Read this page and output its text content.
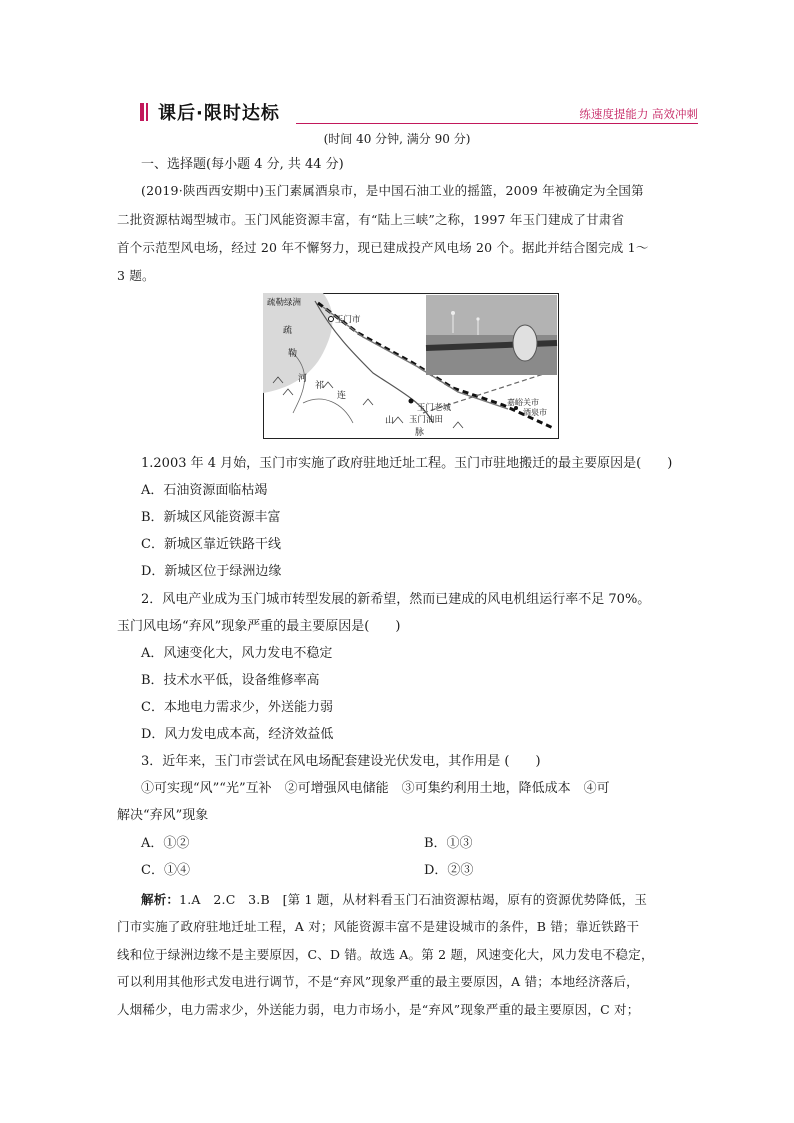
课后·限时达标	练速度提能力 高效冲刺
(时间 40 分钟, 满分 90 分)
一、选择题(每小题 4 分, 共 44 分)
(2019·陕西西安期中)玉门素属酒泉市，是中国石油工业的摇篮，2009 年被确定为全国第
二批资源枯竭型城市。玉门风能资源丰富，有“陆上三峡”之称，1997 年玉门建成了甘肃省
首个示范型风电场，经过 20 年不懈努力，现已建成投产风电场 20 个。据此并结合图完成 1～
3 题。
疏勒绿洲
玉门市
疏
勒
河
祁
连
山
脉
玉门老城
玉门油田
嘉峪关市
酒泉市
1.2003 年 4 月始，玉门市实施了政府驻地迁址工程。玉门市驻地搬迁的最主要原因是(　　)
A．石油资源面临枯竭
B．新城区风能资源丰富
C．新城区靠近铁路干线
D．新城区位于绿洲边缘
2．风电产业成为玉门城市转型发展的新希望，然而已建成的风电机组运行率不足 70%。
玉门风电场“弃风”现象严重的最主要原因是(　　)
A．风速变化大，风力发电不稳定
B．技术水平低，设备维修率高
C．本地电力需求少，外送能力弱
D．风力发电成本高，经济效益低
3．近年来，玉门市尝试在风电场配套建设光伏发电，其作用是 (　　)
①可实现“风”“光”互补　②可增强风电储能　③可集约利用土地，降低成本　④可
解决“弃风”现象
A．①②	B．①③
C．①④	D．②③
解析：1.A　2.C　3.B　[第 1 题，从材料看玉门石油资源枯竭，原有的资源优势降低，玉
门市实施了政府驻地迁址工程，A 对；风能资源丰富不是建设城市的条件，B 错；靠近铁路干
线和位于绿洲边缘不是主要原因，C、D 错。故选 A。第 2 题，风速变化大，风力发电不稳定，
可以利用其他形式发电进行调节，不是“弃风”现象严重的最主要原因，A 错；本地经济落后，
人烟稀少，电力需求少，外送能力弱，电力市场小，是“弃风”现象严重的最主要原因，C 对；
